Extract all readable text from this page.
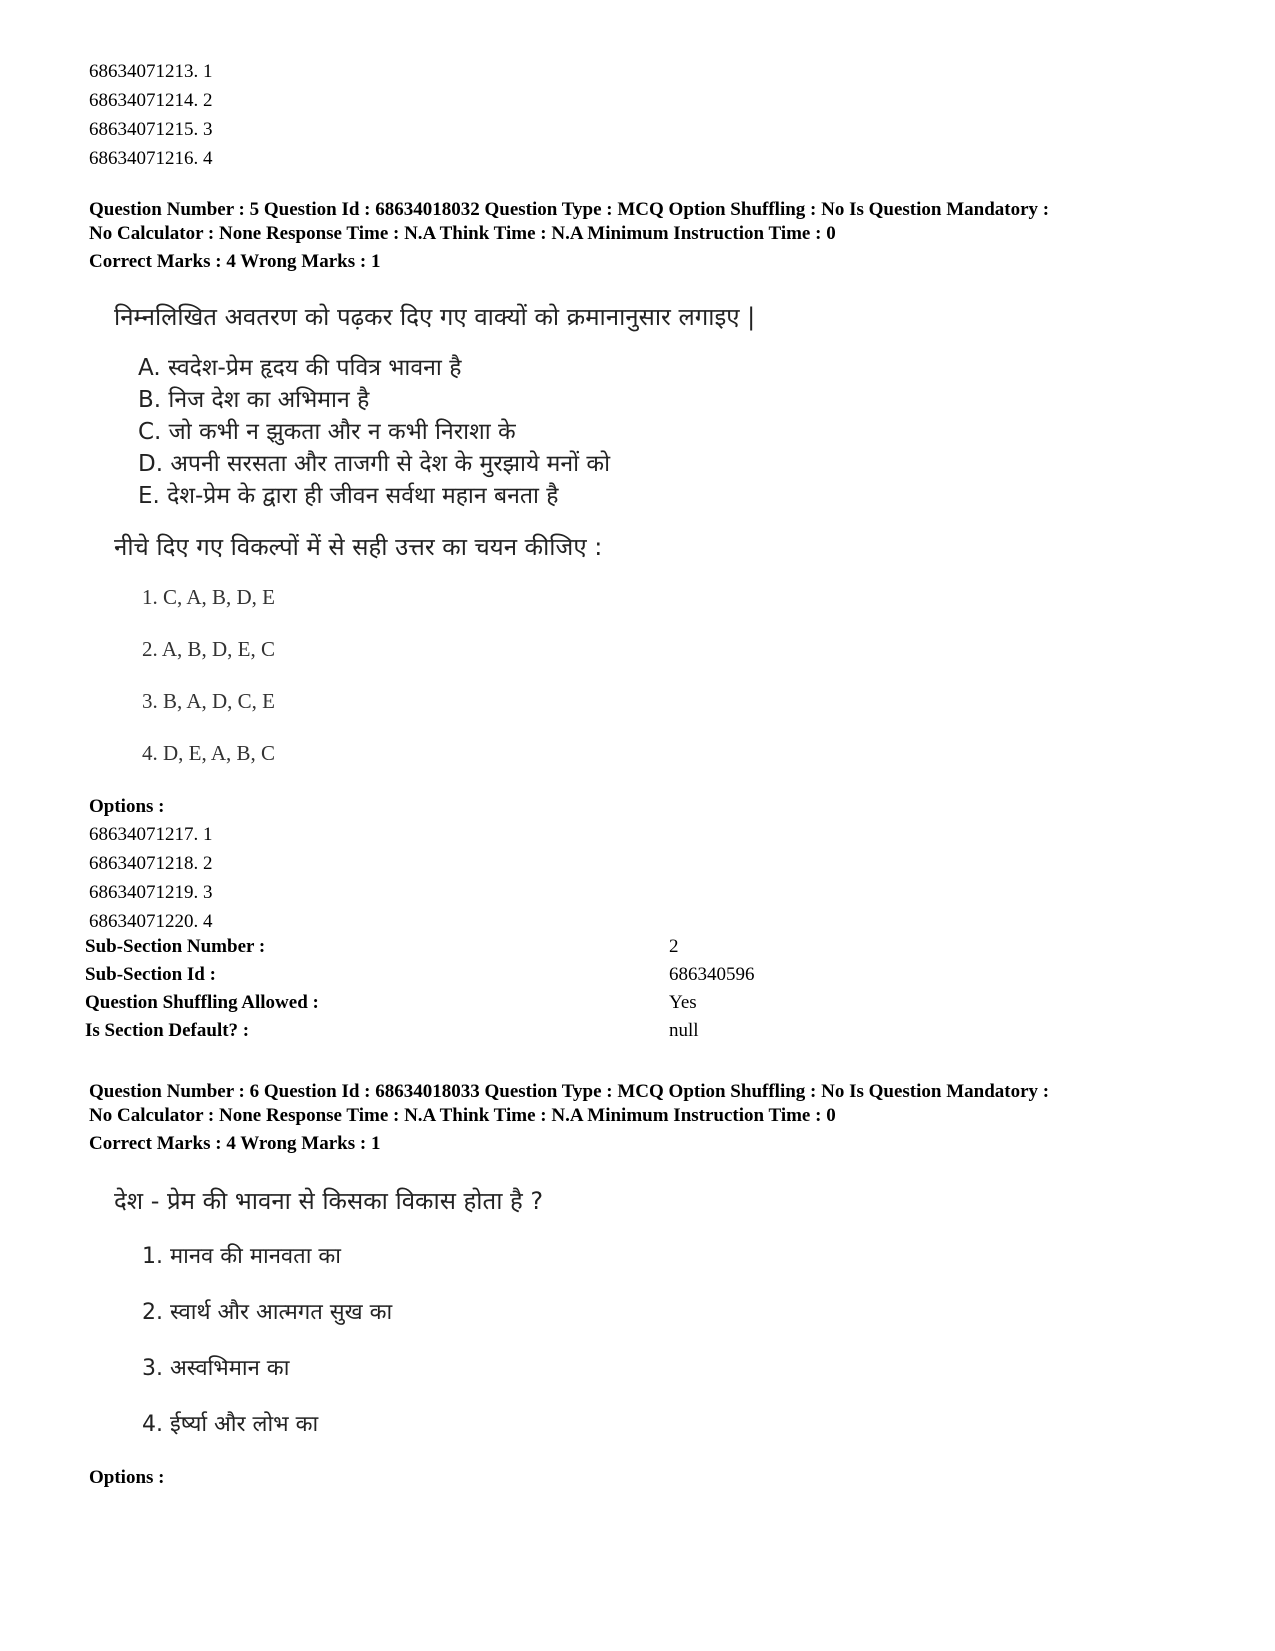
68634071213. 1
68634071214. 2
68634071215. 3
68634071216. 4
Question Number : 5 Question Id : 68634018032 Question Type : MCQ Option Shuffling : No Is Question Mandatory :
No Calculator : None Response Time : N.A Think Time : N.A Minimum Instruction Time : 0
Correct Marks : 4 Wrong Marks : 1
निम्नलिखित अवतरण को पढ़कर दिए गए वाक्यों को क्रमानानुसार लगाइए |
A. स्वदेश-प्रेम हृदय की पवित्र भावना है
B. निज देश का अभिमान है
C. जो कभी न झुकता और न कभी निराशा के
D. अपनी सरसता और ताजगी से देश के मुरझाये मनों को
E. देश-प्रेम के द्वारा ही जीवन सर्वथा महान बनता है
नीचे दिए गए विकल्पों में से सही उत्तर का चयन कीजिए :
1. C, A, B, D, E
2. A, B, D, E, C
3. B, A, D, C, E
4. D, E, A, B, C
Options :
68634071217. 1
68634071218. 2
68634071219. 3
68634071220. 4
Sub-Section Number :	2
Sub-Section Id :	686340596
Question Shuffling Allowed :	Yes
Is Section Default? :	null
Question Number : 6 Question Id : 68634018033 Question Type : MCQ Option Shuffling : No Is Question Mandatory :
No Calculator : None Response Time : N.A Think Time : N.A Minimum Instruction Time : 0
Correct Marks : 4 Wrong Marks : 1
देश - प्रेम की भावना से किसका विकास होता है ?
1. मानव की मानवता का
2. स्वार्थ और आत्मगत सुख का
3. अस्वभिमान का
4. ईर्ष्या और लोभ का
Options :
